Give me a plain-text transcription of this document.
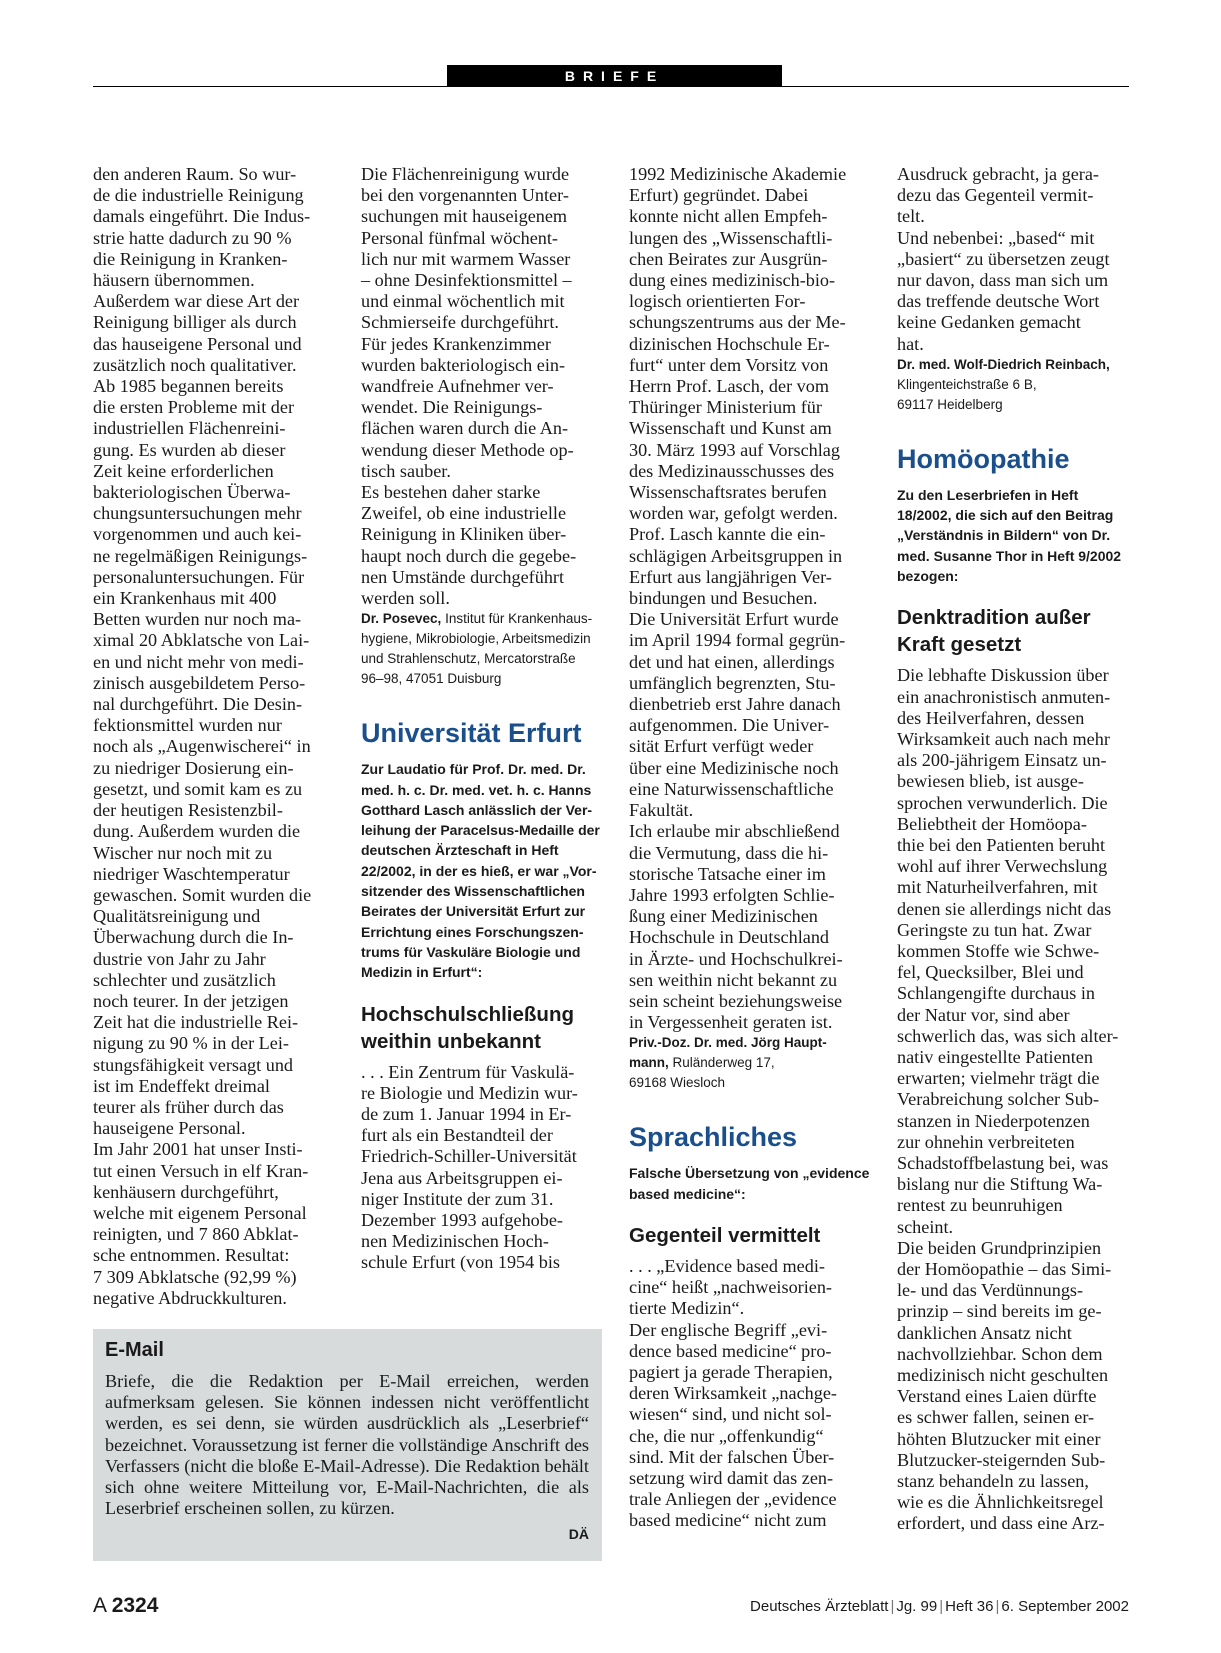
BRIEFE
den anderen Raum. So wur-
de die industrielle Reinigung
damals eingeführt. Die Indus-
strie hatte dadurch zu 90 %
die Reinigung in Kranken-
häusern übernommen.
Außerdem war diese Art der
Reinigung billiger als durch
das hauseigene Personal und
zusätzlich noch qualitativer.
Ab 1985 begannen bereits
die ersten Probleme mit der
industriellen Flächenreini-
gung. Es wurden ab dieser
Zeit keine erforderlichen
bakteriologischen Überwa-
chungsuntersuchungen mehr
vorgenommen und auch kei-
ne regelmäßigen Reinigungs-
personaluntersuchungen. Für
ein Krankenhaus mit 400
Betten wurden nur noch ma-
ximal 20 Abklatsche von Lai-
en und nicht mehr von medi-
zinisch ausgebildetem Perso-
nal durchgeführt. Die Desin-
fektionsmittel wurden nur
noch als „Augenwischerei“ in
zu niedriger Dosierung ein-
gesetzt, und somit kam es zu
der heutigen Resistenzbil-
dung. Außerdem wurden die
Wischer nur noch mit zu
niedriger Waschtemperatur
gewaschen. Somit wurden die
Qualitätsreinigung und
Überwachung durch die In-
dustrie von Jahr zu Jahr
schlechter und zusätzlich
noch teurer. In der jetzigen
Zeit hat die industrielle Rei-
nigung zu 90 % in der Lei-
stungsfähigkeit versagt und
ist im Endeffekt dreimal
teurer als früher durch das
hauseigene Personal.
Im Jahr 2001 hat unser Insti-
tut einen Versuch in elf Kran-
kenhäusern durchgeführt,
welche mit eigenem Personal
reinigten, und 7 860 Abklat-
sche entnommen. Resultat:
7 309 Abklatsche (92,99 %)
negative Abdruckkulturen.
Die Flächenreinigung wurde
bei den vorgenannten Unter-
suchungen mit hauseigenem
Personal fünfmal wöchent-
lich nur mit warmem Wasser
– ohne Desinfektionsmittel –
und einmal wöchentlich mit
Schmierseife durchgeführt.
Für jedes Krankenzimmer
wurden bakteriologisch ein-
wandfreie Aufnehmer ver-
wendet. Die Reinigungs-
flächen waren durch die An-
wendung dieser Methode op-
tisch sauber.
Es bestehen daher starke
Zweifel, ob eine industrielle
Reinigung in Kliniken über-
haupt noch durch die gegebe-
nen Umstände durchgeführt
werden soll.
Dr. Posevec, Institut für Krankenhaus-
hygiene, Mikrobiologie, Arbeitsmedizin
und Strahlenschutz, Mercatorstraße
96–98, 47051 Duisburg
Universität Erfurt
Zur Laudatio für Prof. Dr. med. Dr.
med. h. c. Dr. med. vet. h. c. Hanns
Gotthard Lasch anlässlich der Ver-
leihung der Paracelsus-Medaille der
deutschen Ärzteschaft in Heft
22/2002, in der es hieß, er war „Vor-
sitzender des Wissenschaftlichen
Beirates der Universität Erfurt zur
Errichtung eines Forschungszen-
trums für Vaskuläre Biologie und
Medizin in Erfurt“:
Hochschulschließung
weithin unbekannt
. . . Ein Zentrum für Vaskulä-
re Biologie und Medizin wur-
de zum 1. Januar 1994 in Er-
furt als ein Bestandteil der
Friedrich-Schiller-Universität
Jena aus Arbeitsgruppen ei-
niger Institute der zum 31.
Dezember 1993 aufgehobe-
nen Medizinischen Hoch-
schule Erfurt (von 1954 bis
1992 Medizinische Akademie
Erfurt) gegründet. Dabei
konnte nicht allen Empfeh-
lungen des „Wissenschaftli-
chen Beirates zur Ausgrün-
dung eines medizinisch-bio-
logisch orientierten For-
schungszentrums aus der Me-
dizinischen Hochschule Er-
furt“ unter dem Vorsitz von
Herrn Prof. Lasch, der vom
Thüringer Ministerium für
Wissenschaft und Kunst am
30. März 1993 auf Vorschlag
des Medizinausschusses des
Wissenschaftsrates berufen
worden war, gefolgt werden.
Prof. Lasch kannte die ein-
schlägigen Arbeitsgruppen in
Erfurt aus langjährigen Ver-
bindungen und Besuchen.
Die Universität Erfurt wurde
im April 1994 formal gegrün-
det und hat einen, allerdings
umfänglich begrenzten, Stu-
dienbetrieb erst Jahre danach
aufgenommen. Die Univer-
sität Erfurt verfügt weder
über eine Medizinische noch
eine Naturwissenschaftliche
Fakultät.
Ich erlaube mir abschließend
die Vermutung, dass die hi-
storische Tatsache einer im
Jahre 1993 erfolgten Schlie-
ßung einer Medizinischen
Hochschule in Deutschland
in Ärzte- und Hochschulkrei-
sen weithin nicht bekannt zu
sein scheint beziehungsweise
in Vergessenheit geraten ist.
Priv.-Doz. Dr. med. Jörg Haupt-
mann, Ruländerweg 17,
69168 Wiesloch
Sprachliches
Falsche Übersetzung von „evidence
based medicine“:
Gegenteil vermittelt
. . . „Evidence based medi-
cine“ heißt „nachweisorien-
tierte Medizin“.
Der englische Begriff „evi-
dence based medicine“ pro-
pagiert ja gerade Therapien,
deren Wirksamkeit „nachge-
wiesen“ sind, und nicht sol-
che, die nur „offenkundig“
sind. Mit der falschen Über-
setzung wird damit das zen-
trale Anliegen der „evidence
based medicine“ nicht zum
Ausdruck gebracht, ja gera-
dezu das Gegenteil vermit-
telt.
Und nebenbei: „based“ mit
„basiert“ zu übersetzen zeugt
nur davon, dass man sich um
das treffende deutsche Wort
keine Gedanken gemacht
hat.
Dr. med. Wolf-Diedrich Reinbach,
Klingenteichstraße 6 B,
69117 Heidelberg
Homöopathie
Zu den Leserbriefen in Heft
18/2002, die sich auf den Beitrag
„Verständnis in Bildern“ von Dr.
med. Susanne Thor in Heft 9/2002
bezogen:
Denktradition außer
Kraft gesetzt
Die lebhafte Diskussion über
ein anachronistisch anmuten-
des Heilverfahren, dessen
Wirksamkeit auch nach mehr
als 200-jährigem Einsatz un-
bewiesen blieb, ist ausge-
sprochen verwunderlich. Die
Beliebtheit der Homöopa-
thie bei den Patienten beruht
wohl auf ihrer Verwechslung
mit Naturheilverfahren, mit
denen sie allerdings nicht das
Geringste zu tun hat. Zwar
kommen Stoffe wie Schwe-
fel, Quecksilber, Blei und
Schlangengifte durchaus in
der Natur vor, sind aber
schwerlich das, was sich alter-
nativ eingestellte Patienten
erwarten; vielmehr trägt die
Verabreichung solcher Sub-
stanzen in Niederpotenzen
zur ohnehin verbreiteten
Schadstoffbelastung bei, was
bislang nur die Stiftung Wa-
rentest zu beunruhigen
scheint.
Die beiden Grundprinzipien
der Homöopathie – das Simi-
le- und das Verdünnungs-
prinzip – sind bereits im ge-
danklichen Ansatz nicht
nachvollziehbar. Schon dem
medizinisch nicht geschulten
Verstand eines Laien dürfte
es schwer fallen, seinen er-
höhten Blutzucker mit einer
Blutzucker-steigernden Sub-
stanz behandeln zu lassen,
wie es die Ähnlichkeitsregel
erfordert, und dass eine Arz-
E-Mail
Briefe, die die Redaktion per E-Mail erreichen, werden aufmerksam gelesen. Sie können indessen nicht veröffentlicht werden, es sei denn, sie würden ausdrücklich als „Leserbrief“ bezeichnet. Voraussetzung ist ferner die vollständige Anschrift des Verfassers (nicht die bloße E-Mail-Adresse). Die Redaktion behält sich ohne weitere Mitteilung vor, E-Mail-Nachrichten, die als Leserbrief erscheinen sollen, zu kürzen.
DÄ
A 2324	Deutsches Ärzteblatt | Jg. 99 | Heft 36 | 6. September 2002
